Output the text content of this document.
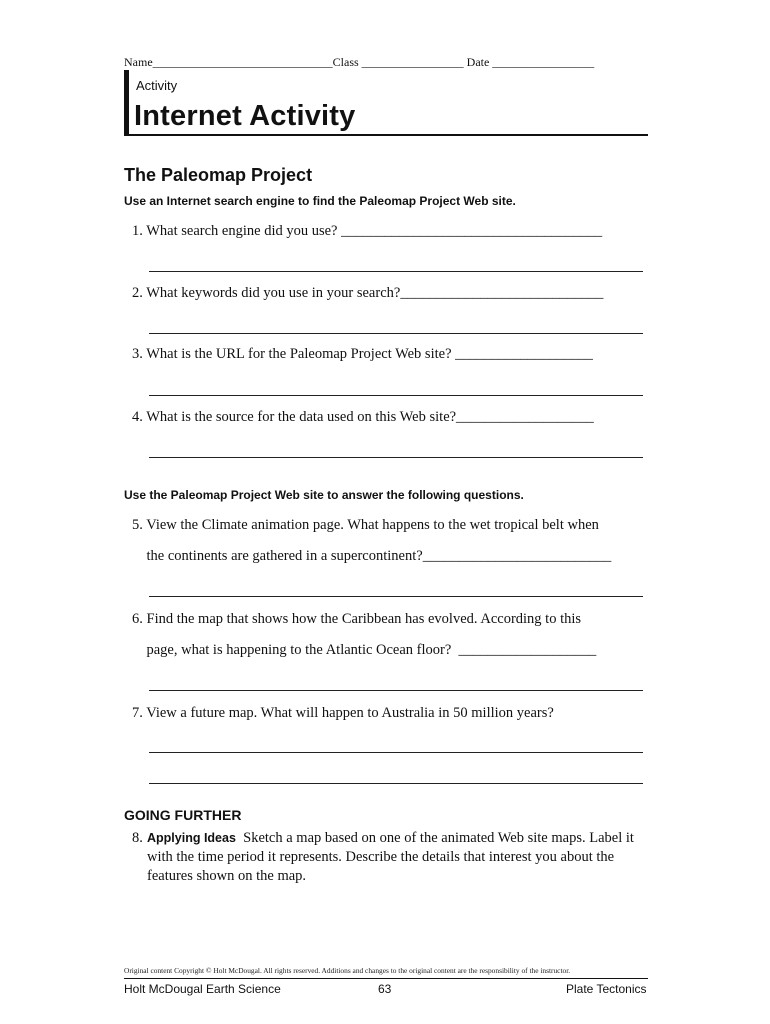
Name______________________________Class _________________ Date _________________
Activity
Internet Activity
The Paleomap Project
Use an Internet search engine to find the Paleomap Project Web site.
1. What search engine did you use? ____________________________________
2. What keywords did you use in your search?____________________________
3. What is the URL for the Paleomap Project Web site? ___________________
4. What is the source for the data used on this Web site?___________________
Use the Paleomap Project Web site to answer the following questions.
5. View the Climate animation page. What happens to the wet tropical belt when
the continents are gathered in a supercontinent?__________________________
6. Find the map that shows how the Caribbean has evolved. According to this
page, what is happening to the Atlantic Ocean floor?  ___________________
7. View a future map. What will happen to Australia in 50 million years?
GOING FURTHER
8. Applying Ideas Sketch a map based on one of the animated Web site maps. Label it with the time period it represents. Describe the details that interest you about the features shown on the map.
Original content Copyright © Holt McDougal. All rights reserved. Additions and changes to the original content are the responsibility of the instructor.
Holt McDougal Earth Science	63	Plate Tectonics
